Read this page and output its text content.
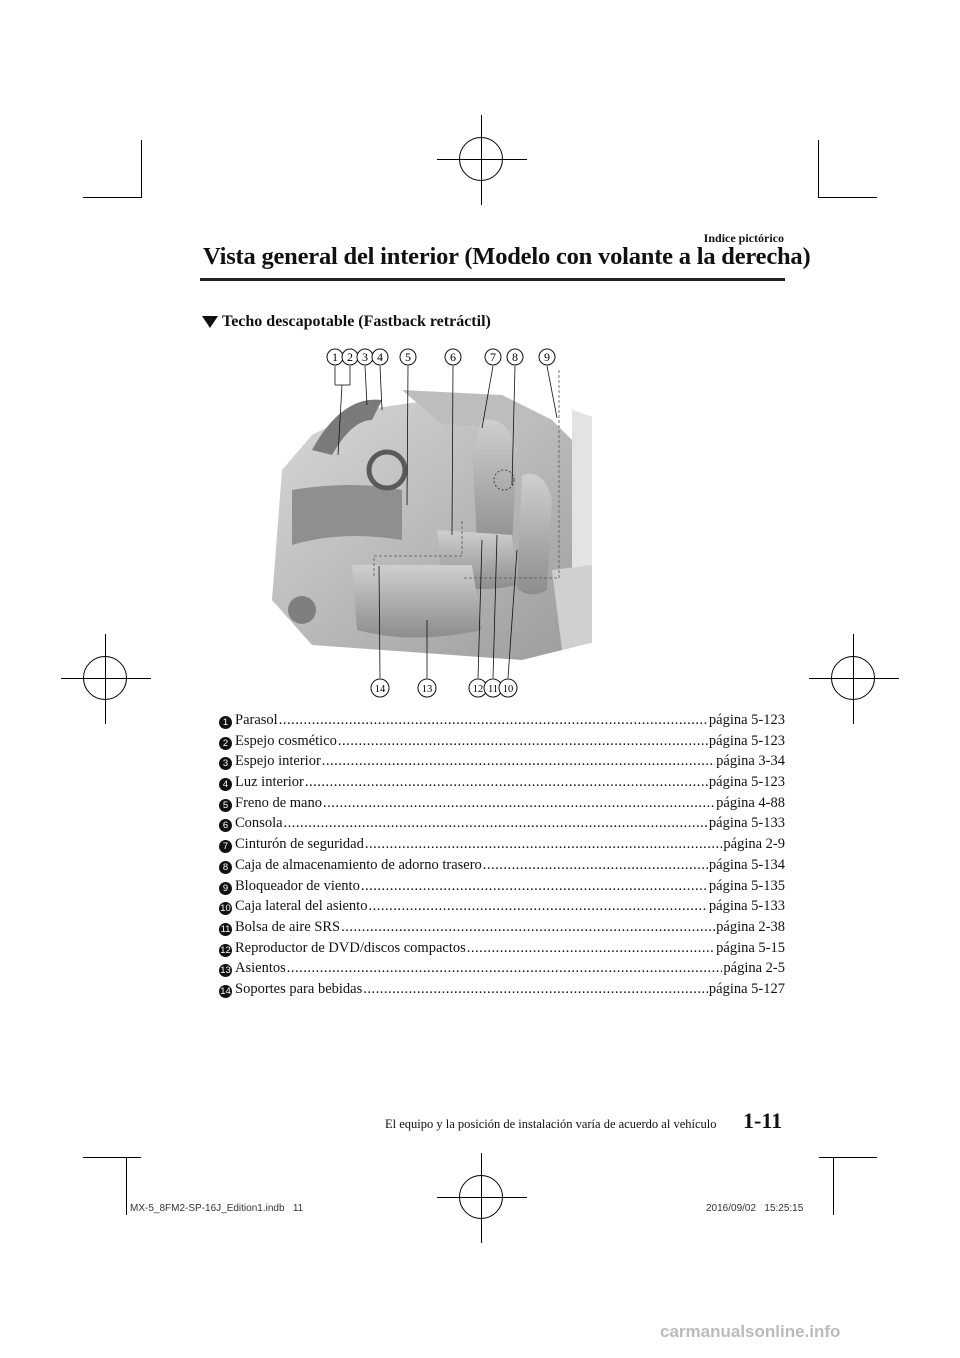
Indice pictórico
Vista general del interior (Modelo con volante a la derecha)
Techo descapotable (Fastback retráctil)
1 2 3 4 5	6	7 8 9
14	13	12 11 10
1 Parasol .....	página 5-123
2 Espejo cosmético .....	página 5-123
3 Espejo interior .....	página 3-34
4 Luz interior .....	página 5-123
5 Freno de mano .....	página 4-88
6 Consola .....	página 5-133
7 Cinturón de seguridad .....	página 2-9
8 Caja de almacenamiento de adorno trasero .....	página 5-134
9 Bloqueador de viento .....	página 5-135
10 Caja lateral del asiento .....	página 5-133
11 Bolsa de aire SRS .....	página 2-38
12 Reproductor de DVD/discos compactos .....	página 5-15
13 Asientos .....	página 2-5
14 Soportes para bebidas .....	página 5-127
El equipo y la posición de instalación varía de acuerdo al vehículo 1-11
MX-5_8FM2-SP-16J_Edition1.indb   11	2016/09/02   15:25:15
carmanualsonline.info
